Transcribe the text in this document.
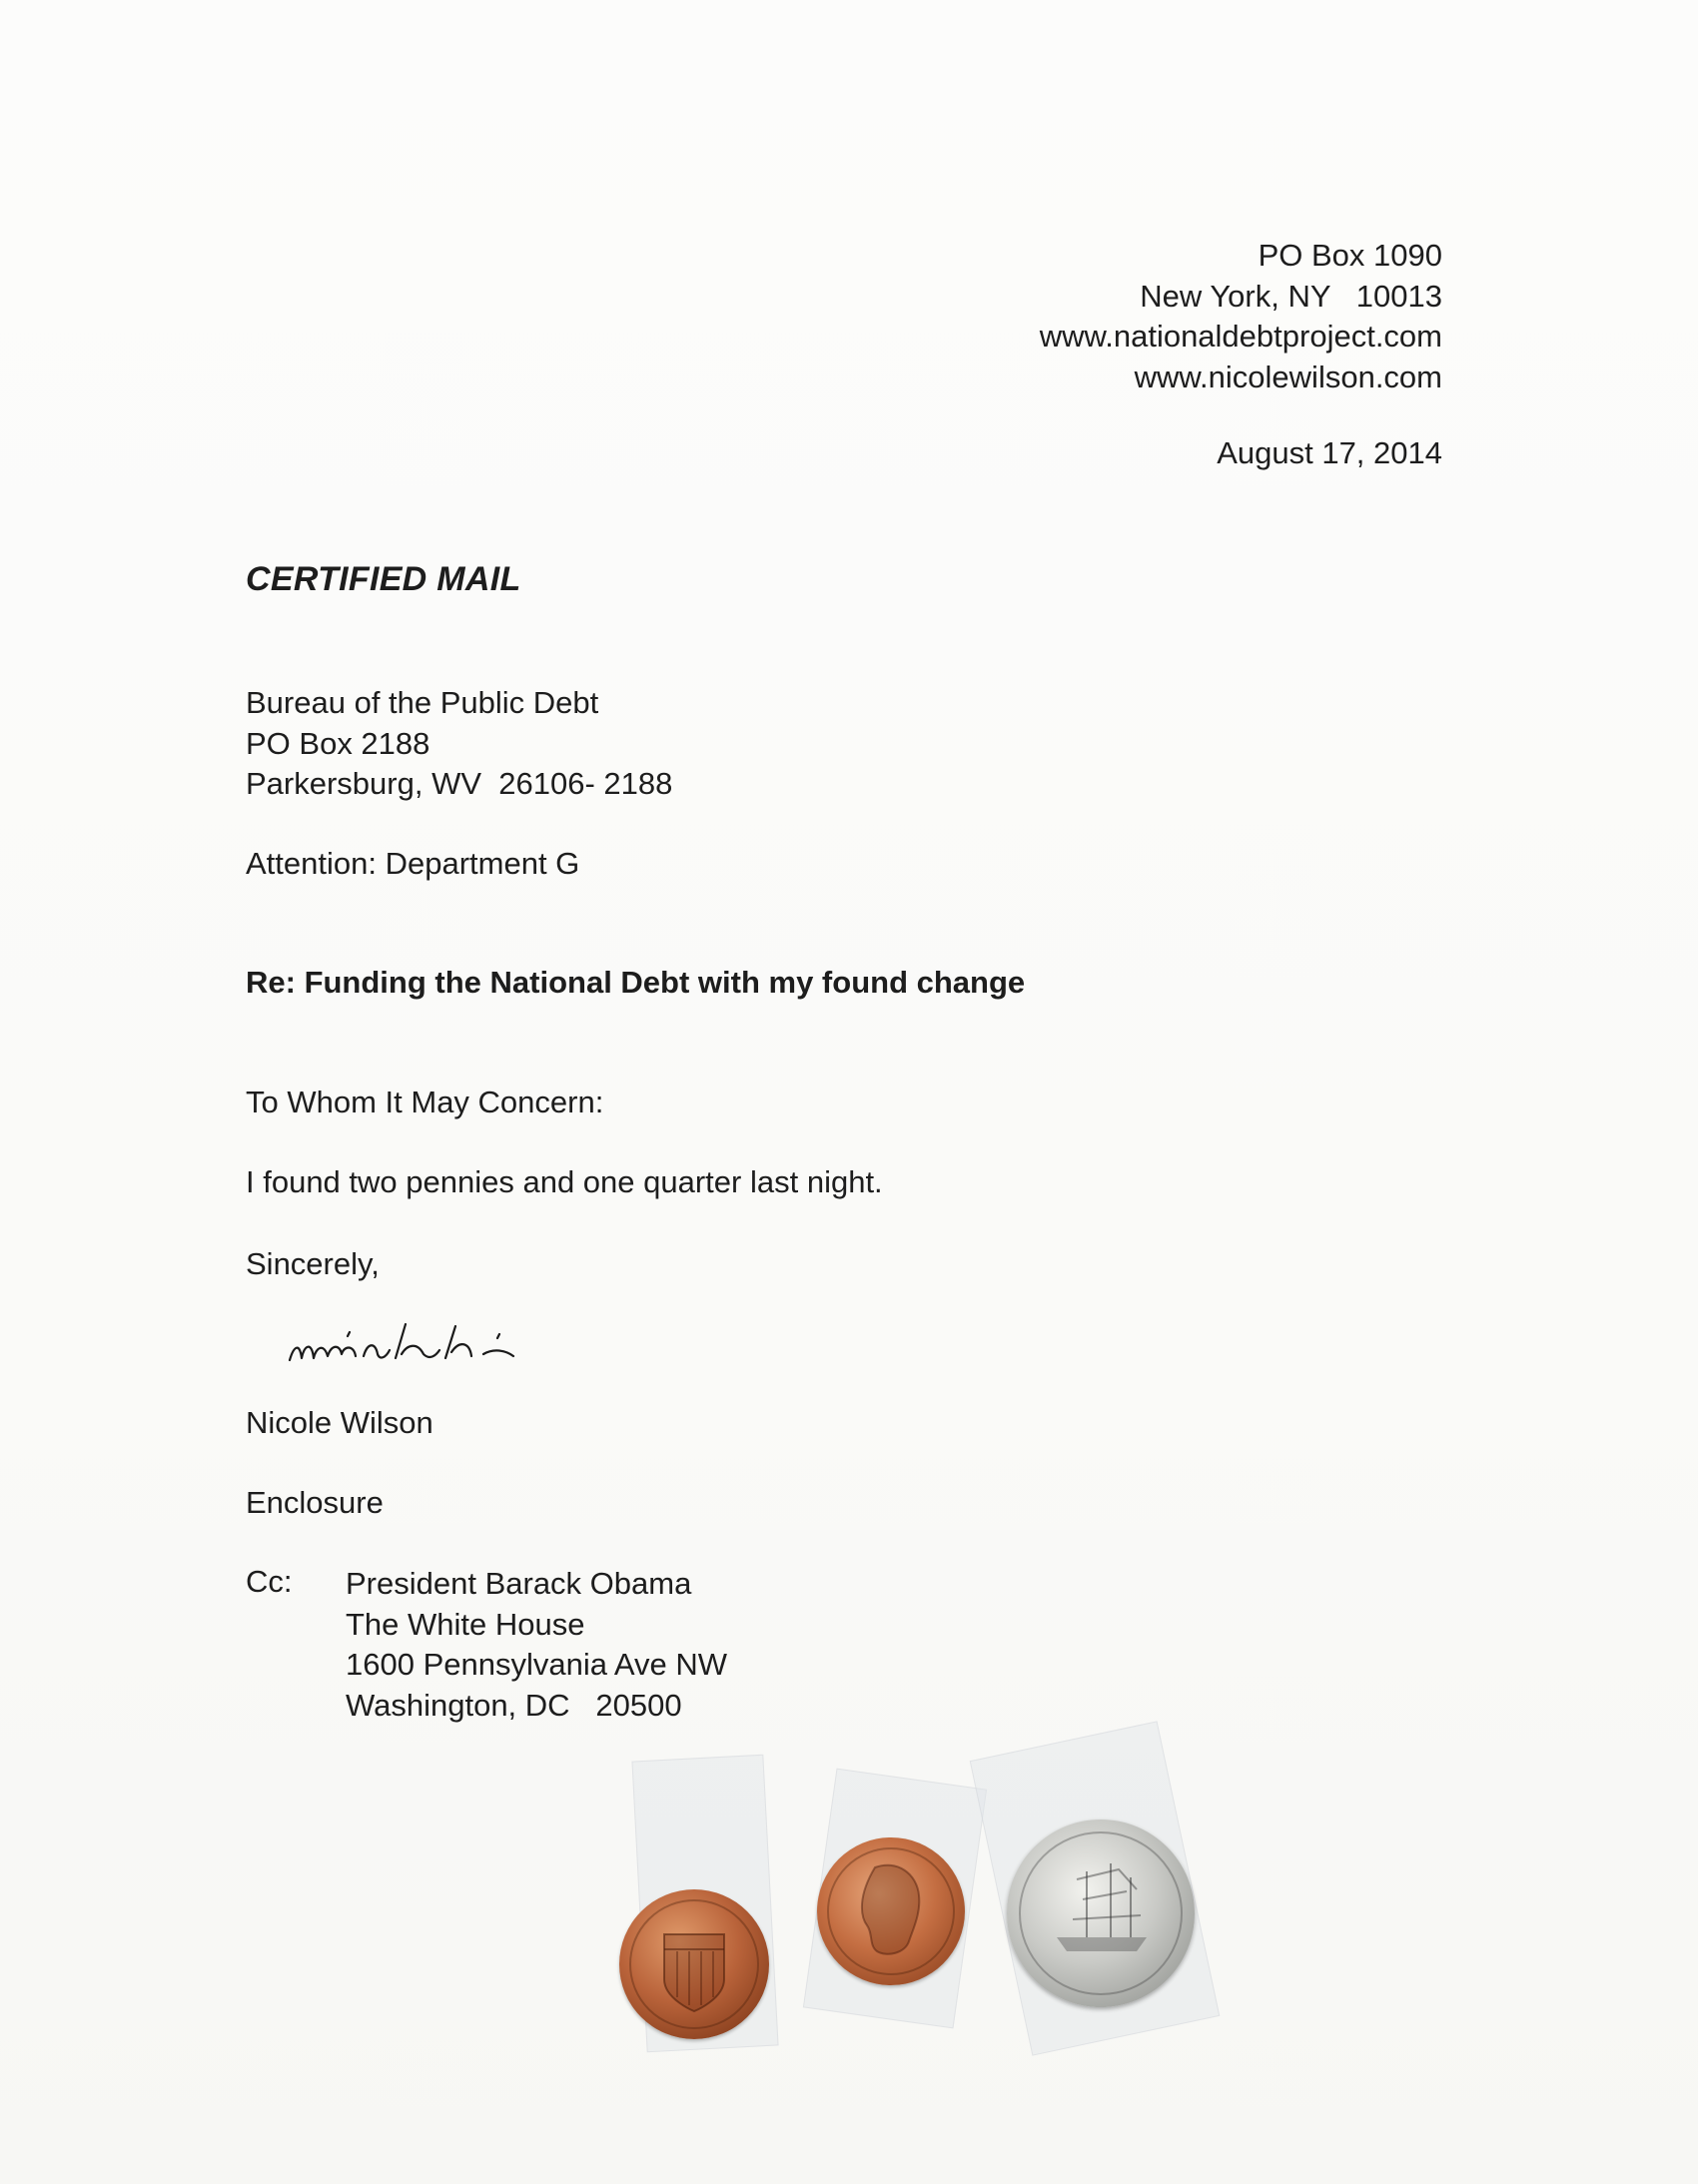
PO Box 1090
New York, NY   10013
www.nationaldebtproject.com
www.nicolewilson.com
August 17, 2014
CERTIFIED MAIL
Bureau of the Public Debt
PO Box 2188
Parkersburg, WV  26106- 2188
Attention: Department G
Re: Funding the National Debt with my found change
To Whom It May Concern:
I found two pennies and one quarter last night.
Sincerely,
Nicole Wilson
Enclosure
Cc: President Barack Obama
The White House
1600 Pennsylvania Ave NW
Washington, DC   20500
